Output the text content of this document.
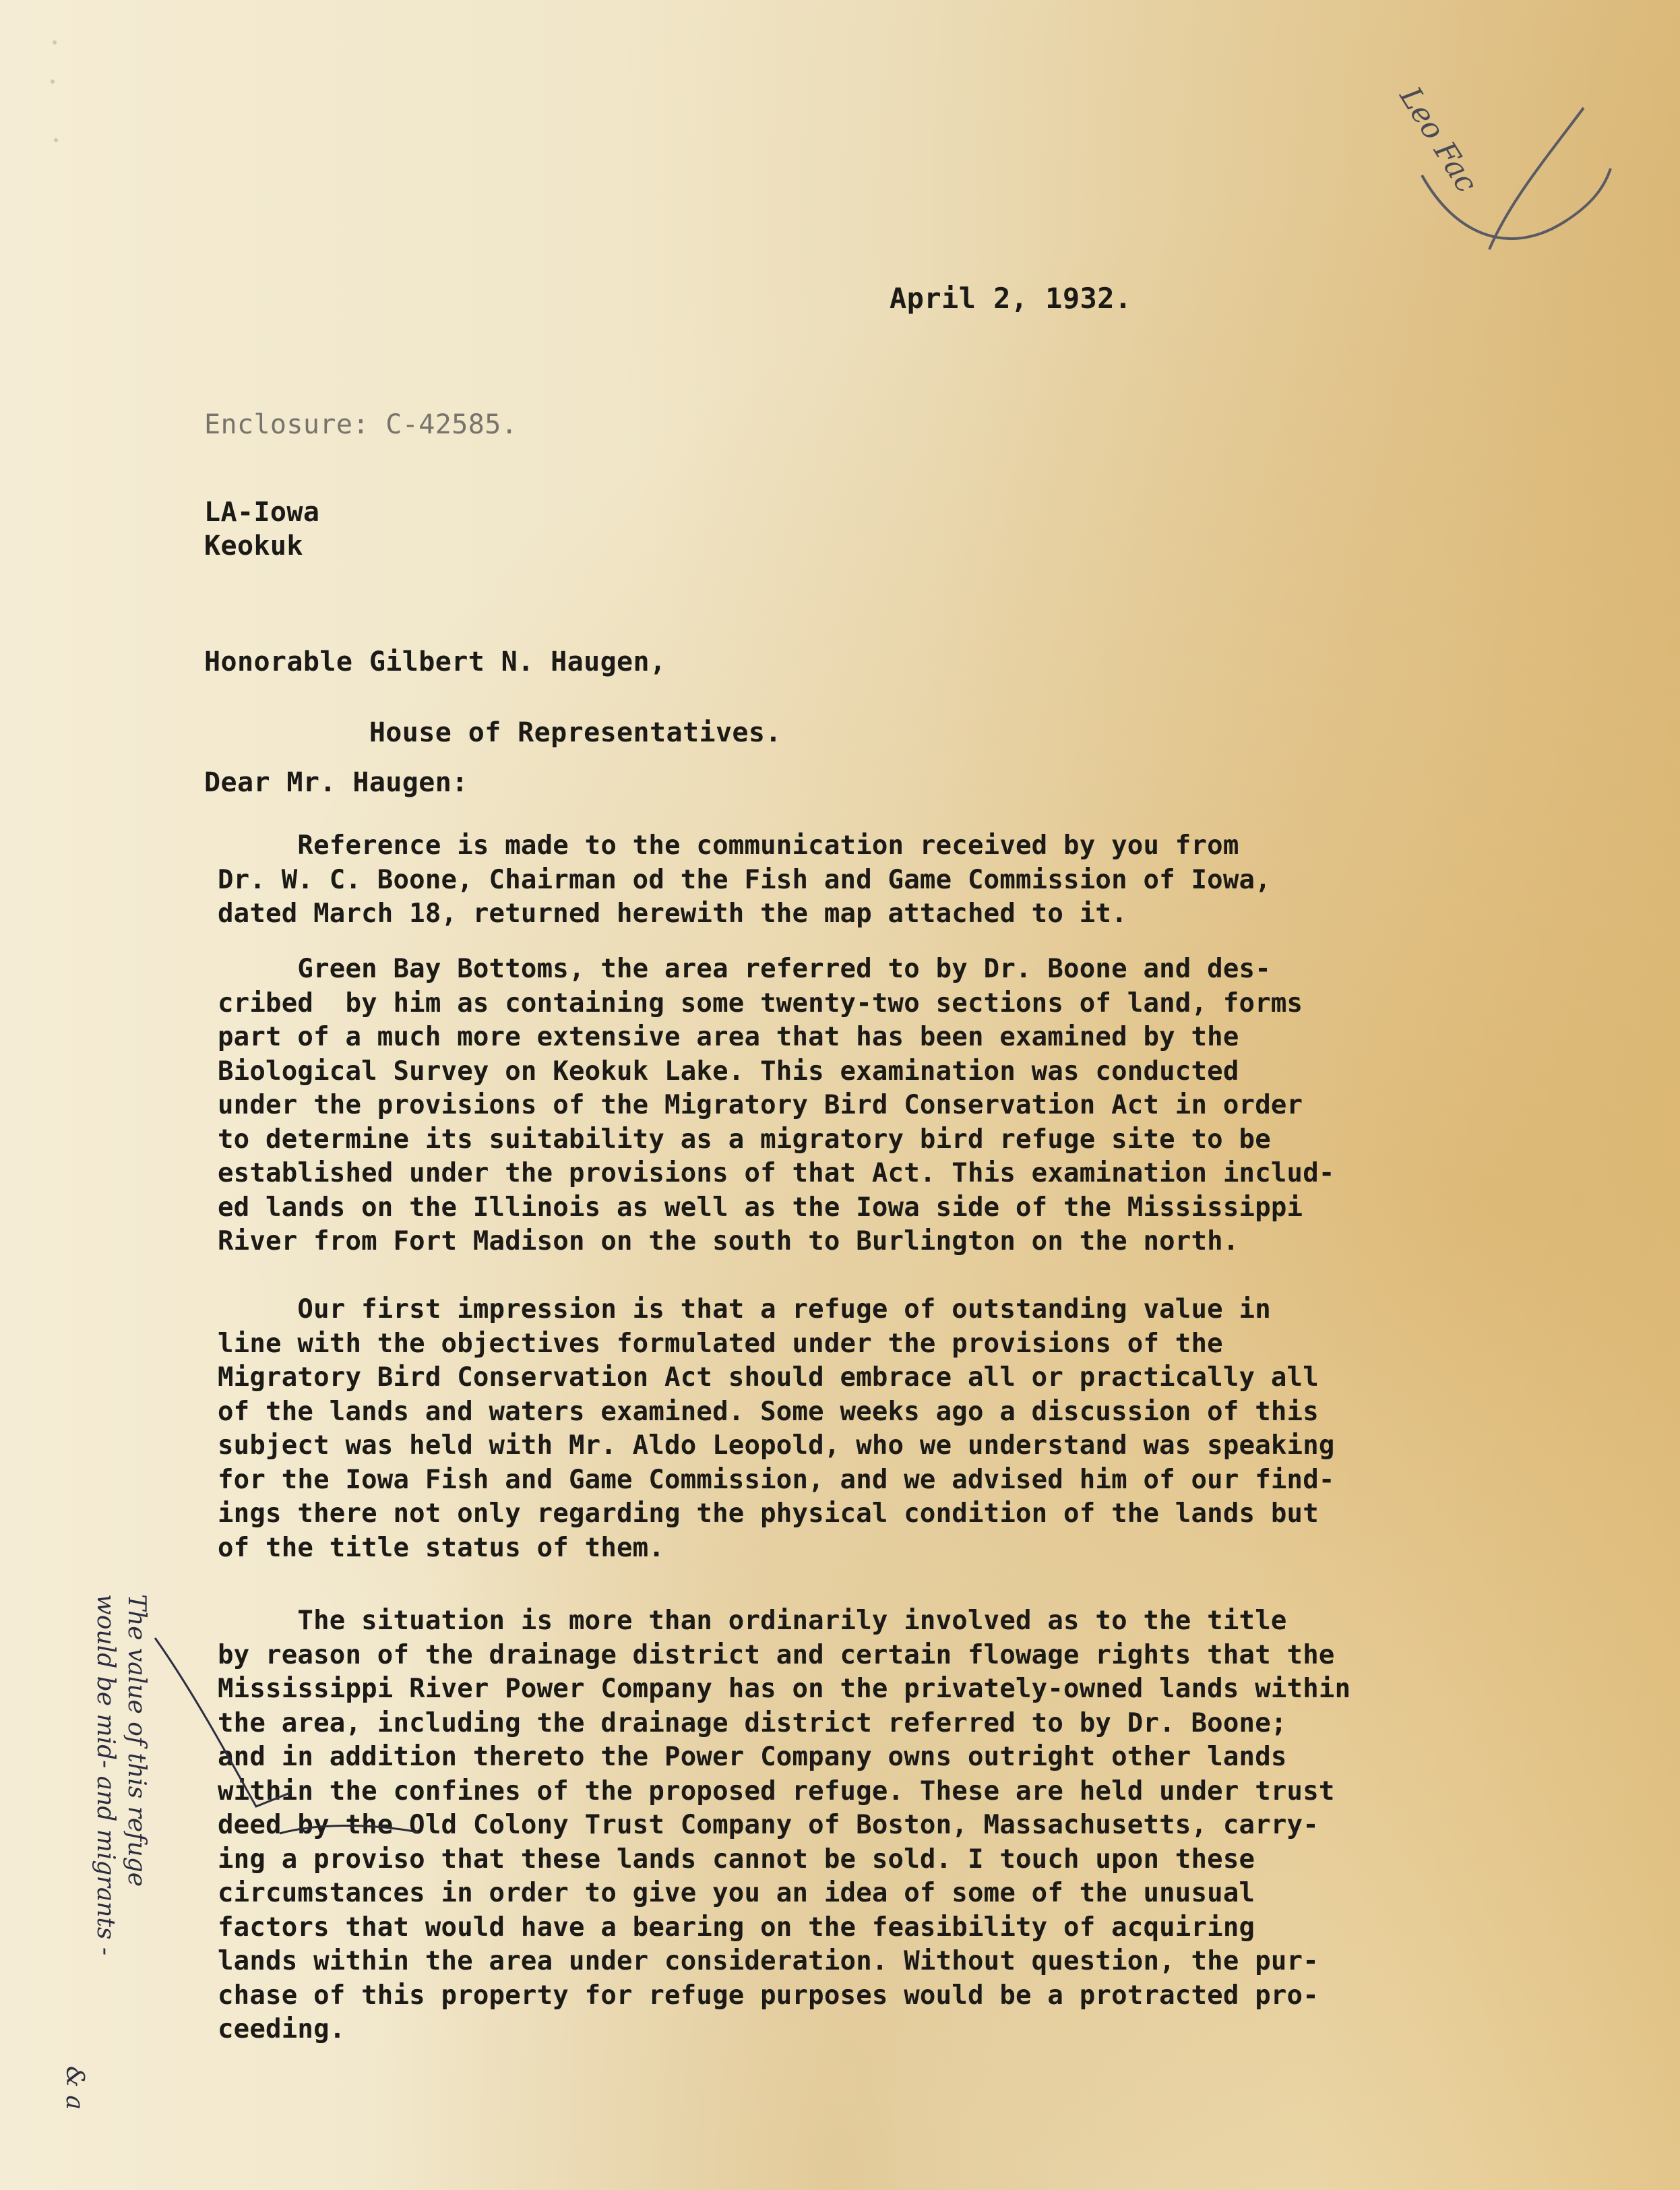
Leo Fac
April 2, 1932.
Enclosure: C-42585.
LA-Iowa
Keokuk
Honorable Gilbert N. Haugen,
House of Representatives.
Dear Mr. Haugen:
Reference is made to the communication received by you from
Dr. W. C. Boone, Chairman od the Fish and Game Commission of Iowa,
dated March 18, returned herewith the map attached to it.
Green Bay Bottoms, the area referred to by Dr. Boone and des-
cribed  by him as containing some twenty-two sections of land, forms
part of a much more extensive area that has been examined by the
Biological Survey on Keokuk Lake. This examination was conducted
under the provisions of the Migratory Bird Conservation Act in order
to determine its suitability as a migratory bird refuge site to be
established under the provisions of that Act. This examination includ-
ed lands on the Illinois as well as the Iowa side of the Mississippi
River from Fort Madison on the south to Burlington on the north.
Our first impression is that a refuge of outstanding value in
line with the objectives formulated under the provisions of the
Migratory Bird Conservation Act should embrace all or practically all
of the lands and waters examined. Some weeks ago a discussion of this
subject was held with Mr. Aldo Leopold, who we understand was speaking
for the Iowa Fish and Game Commission, and we advised him of our find-
ings there not only regarding the physical condition of the lands but
of the title status of them.
The situation is more than ordinarily involved as to the title
by reason of the drainage district and certain flowage rights that the
Mississippi River Power Company has on the privately-owned lands within
the area, including the drainage district referred to by Dr. Boone;
and in addition thereto the Power Company owns outright other lands
within the confines of the proposed refuge. These are held under trust
deed by the Old Colony Trust Company of Boston, Massachusetts, carry-
ing a proviso that these lands cannot be sold. I touch upon these
circumstances in order to give you an idea of some of the unusual
factors that would have a bearing on the feasibility of acquiring
lands within the area under consideration. Without question, the pur-
chase of this property for refuge purposes would be a protracted pro-
ceeding.
The value of this refuge
would be mid- and migrants -
& a
